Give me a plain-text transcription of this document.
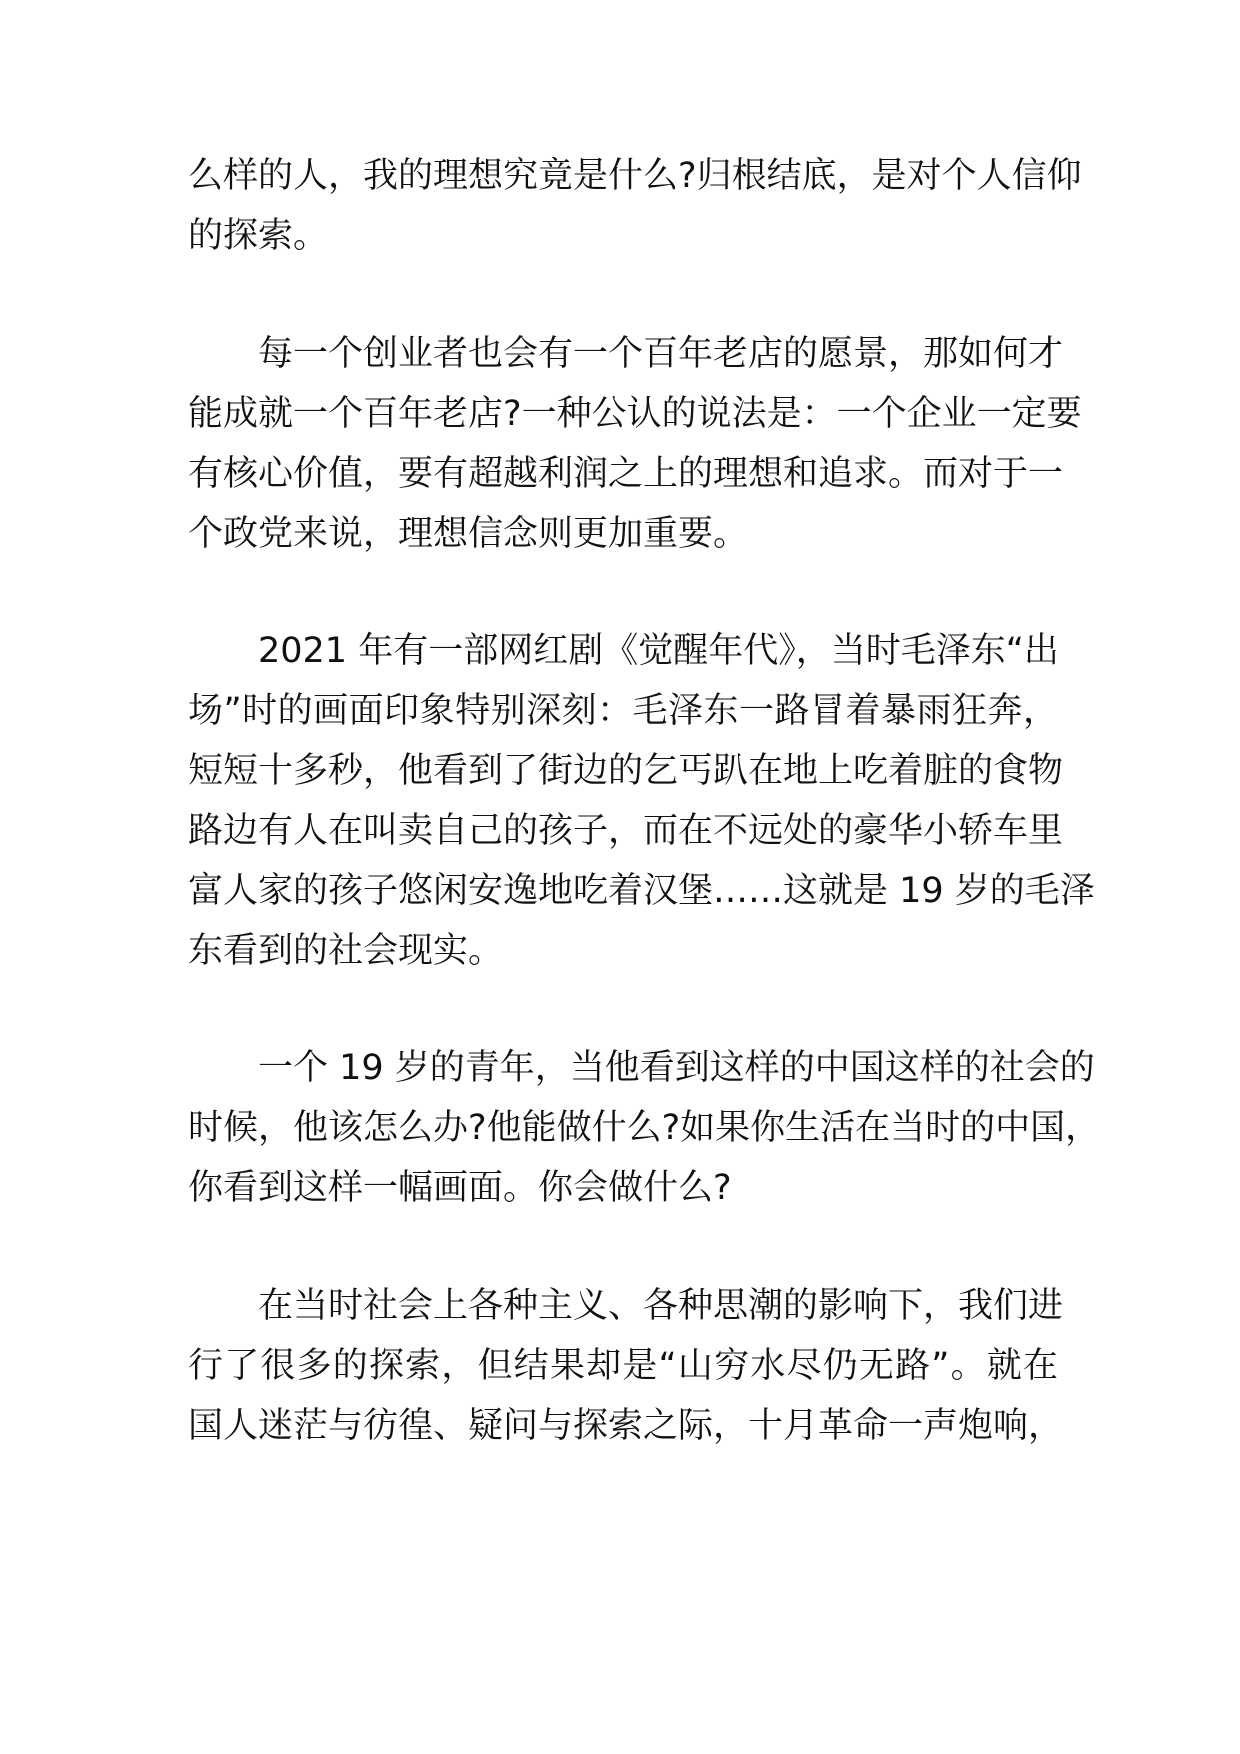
么样的人，我的理想究竟是什么?归根结底，是对个人信仰
的探索。
每一个创业者也会有一个百年老店的愿景，那如何才
能成就一个百年老店?一种公认的说法是：一个企业一定要
有核心价值，要有超越利润之上的理想和追求。而对于一
个政党来说，理想信念则更加重要。
2021 年有一部网红剧《觉醒年代》，当时毛泽东“出
场”时的画面印象特别深刻：毛泽东一路冒着暴雨狂奔，
短短十多秒，他看到了街边的乞丐趴在地上吃着脏的食物
路边有人在叫卖自己的孩子，而在不远处的豪华小轿车里
富人家的孩子悠闲安逸地吃着汉堡……这就是 19 岁的毛泽
东看到的社会现实。
一个 19 岁的青年，当他看到这样的中国这样的社会的
时候，他该怎么办?他能做什么?如果你生活在当时的中国，
你看到这样一幅画面。你会做什么?
在当时社会上各种主义、各种思潮的影响下，我们进
行了很多的探索，但结果却是“山穷水尽仍无路”。就在
国人迷茫与彷徨、疑问与探索之际，十月革命一声炮响，
